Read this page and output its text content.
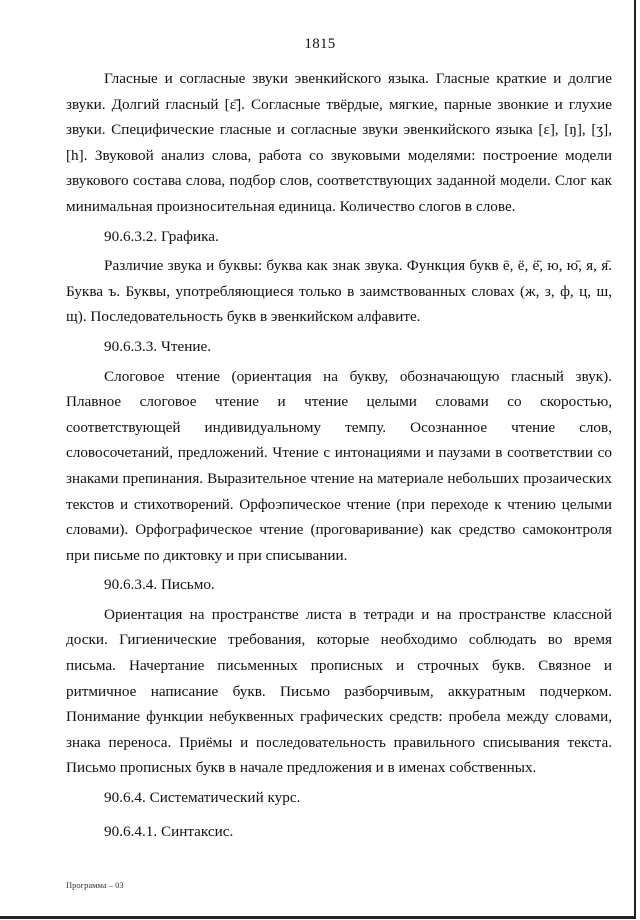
1815

Гласные и согласные звуки эвенкийского языка. Гласные краткие и долгие звуки. Долгий гласный [ɛ̄]. Согласные твёрдые, мягкие, парные звонкие и глухие звуки. Специфические гласные и согласные звуки эвенкийского языка [ɛ], [ŋ], [ʒ], [h]. Звуковой анализ слова, работа со звуковыми моделями: построение модели звукового состава слова, подбор слов, соответствующих заданной модели. Слог как минимальная произносительная единица. Количество слогов в слове.

90.6.3.2. Графика.

Различие звука и буквы: буква как знак звука. Функция букв ē, ё, ё̄, ю, ю̄, я, я̄. Буква ъ. Буквы, употребляющиеся только в заимствованных словах (ж, з, ф, ц, ш, щ). Последовательность букв в эвенкийском алфавите.

90.6.3.3. Чтение.

Слоговое чтение (ориентация на букву, обозначающую гласный звук). Плавное слоговое чтение и чтение целыми словами со скоростью, соответствующей индивидуальному темпу. Осознанное чтение слов, словосочетаний, предложений. Чтение с интонациями и паузами в соответствии со знаками препинания. Выразительное чтение на материале небольших прозаических текстов и стихотворений. Орфоэпическое чтение (при переходе к чтению целыми словами). Орфографическое чтение (проговаривание) как средство самоконтроля при письме по диктовку и при списывании.

90.6.3.4. Письмо.

Ориентация на пространстве листа в тетради и на пространстве классной доски. Гигиенические требования, которые необходимо соблюдать во время письма. Начертание письменных прописных и строчных букв. Связное и ритмичное написание букв. Письмо разборчивым, аккуратным подчерком. Понимание функции небуквенных графических средств: пробела между словами, знака переноса. Приёмы и последовательность правильного списывания текста. Письмо прописных букв в начале предложения и в именах собственных.

90.6.4. Систематический курс.

90.6.4.1. Синтаксис.

Программа – 03
